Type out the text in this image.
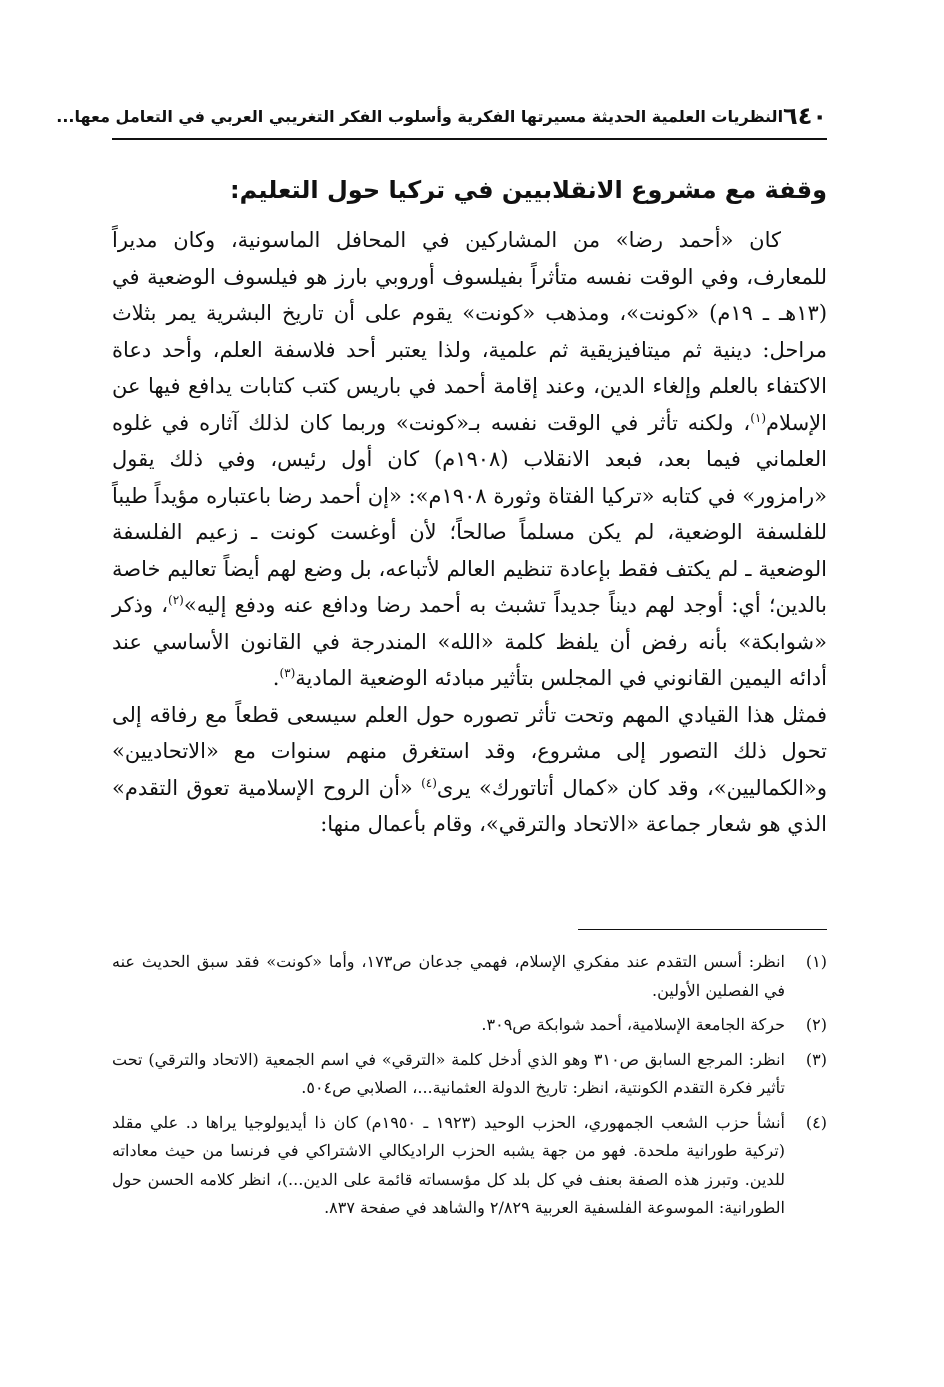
٦٤٠
النظريات العلمية الحديثة مسيرتها الفكرية وأسلوب الفكر التغريبي العربي في التعامل معها...
وقفة مع مشروع الانقلابيين في تركيا حول التعليم:

كان «أحمد رضا» من المشاركين في المحافل الماسونية، وكان مديراً للمعارف، وفي الوقت نفسه متأثراً بفيلسوف أوروبي بارز هو فيلسوف الوضعية في (١٣هـ ـ ١٩م) «كونت»، ومذهب «كونت» يقوم على أن تاريخ البشرية يمر بثلاث مراحل: دينية ثم ميتافيزيقية ثم علمية، ولذا يعتبر أحد فلاسفة العلم، وأحد دعاة الاكتفاء بالعلم وإلغاء الدين، وعند إقامة أحمد في باريس كتب كتابات يدافع فيها عن الإسلام$^{(١)}$، ولكنه تأثر في الوقت نفسه بـ«كونت» وربما كان لذلك آثاره في غلوه العلماني فيما بعد، فبعد الانقلاب (١٩٠٨م) كان أول رئيس، وفي ذلك يقول «رامزور» في كتابه «تركيا الفتاة وثورة ١٩٠٨م»: «إن أحمد رضا باعتباره مؤيداً طيباً للفلسفة الوضعية، لم يكن مسلماً صالحاً؛ لأن أوغست كونت ـ زعيم الفلسفة الوضعية ـ لم يكتف فقط بإعادة تنظيم العالم لأتباعه، بل وضع لهم أيضاً تعاليم خاصة بالدين؛ أي: أوجد لهم ديناً جديداً تشبث به أحمد رضا ودافع عنه ودفع إليه»$^{(٢)}$، وذكر «شوابكة» بأنه رفض أن يلفظ كلمة «الله» المندرجة في القانون الأساسي عند أدائه اليمين القانوني في المجلس بتأثير مبادئه الوضعية المادية$^{(٣)}$.

فمثل هذا القيادي المهم وتحت تأثر تصوره حول العلم سيسعى قطعاً مع رفاقه إلى تحول ذلك التصور إلى مشروع، وقد استغرق منهم سنوات مع «الاتحاديين» و«الكماليين»، وقد كان «كمال أتاتورك» يرى$^{(٤)}$ «أن الروح الإسلامية تعوق التقدم» الذي هو شعار جماعة «الاتحاد والترقي»، وقام بأعمال منها:

(١)
انظر: أسس التقدم عند مفكري الإسلام، فهمي جدعان ص١٧٣، وأما «كونت» فقد سبق الحديث عنه في الفصلين الأولين.
(٢)
حركة الجامعة الإسلامية، أحمد شوابكة ص٣٠٩.
(٣)
انظر: المرجع السابق ص٣١٠ وهو الذي أدخل كلمة «الترقي» في اسم الجمعية (الاتحاد والترقي) تحت تأثير فكرة التقدم الكونتية، انظر: تاريخ الدولة العثمانية...، الصلابي ص٥٠٤.
(٤)
أنشأ حزب الشعب الجمهوري، الحزب الوحيد (١٩٢٣ ـ ١٩٥٠م) كان ذا أيديولوجيا يراها د. علي مقلد (تركية طورانية ملحدة. فهو من جهة يشبه الحزب الراديكالي الاشتراكي في فرنسا من حيث معاداته للدين. وتبرز هذه الصفة بعنف في كل بلد كل مؤسساته قائمة على الدين...)، انظر كلامه الحسن حول الطورانية: الموسوعة الفلسفية العربية ٢/٨٢٩ والشاهد في صفحة ٨٣٧.
